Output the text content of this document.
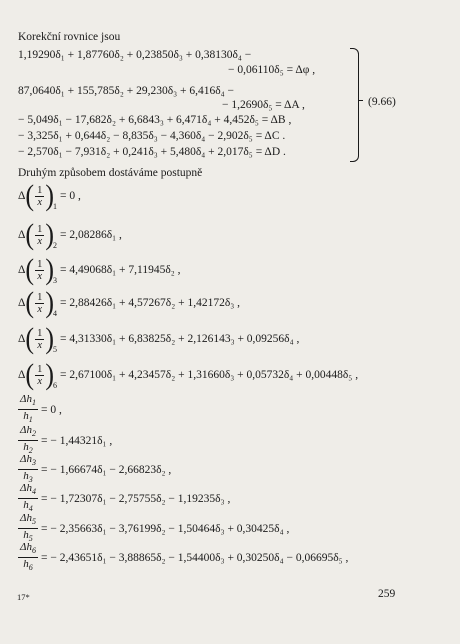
Korekční rovnice jsou
1,19290δ₁ + 1,87760δ₂ + 0,23850δ₃ + 0,38130δ₄ −
− 0,06110δ₅ = Δφ ,
87,0640δ₁ + 155,785δ₂ + 29,230δ₃ + 6,416δ₄ −
− 1,2690δ₅ = ΔA ,
− 5,049δ₁ − 17,682δ₂ + 6,6843₃ + 6,471δ₄ + 4,452δ₅ = ΔB ,
− 3,325δ₁ + 0,644δ₂ − 8,835δ₃ − 4,360δ₄ − 2,902δ₅ = ΔC .
− 2,570δ₁ − 7,931δ₂ + 0,241δ₃ + 5,480δ₄ + 2,017δ₅ = ΔD .
(9.66)
Druhým způsobem dostáváme postupně
Δ ( $\frac{1}{x}$ ) 1
= 0 ,
Δ ( $\frac{1}{x}$ ) 2
= 2,08286δ₁ ,
Δ ( $\frac{1}{x}$ ) 3
= 4,49068δ₁ + 7,11945δ₂ ,
Δ ( $\frac{1}{x}$ ) 4
= 2,88426δ₁ + 4,57267δ₂ + 1,42172δ₃ ,
Δ ( $\frac{1}{x}$ ) 5
= 4,31330δ₁ + 6,83825δ₂ + 2,126143₃ + 0,09256δ₄ ,
Δ ( $\frac{1}{x}$ ) 6
= 2,67100δ₁ + 4,23457δ₂ + 1,31660δ₃ + 0,05732δ₄ + 0,00448δ₅ ,
$\frac{\Delta h_1}{h_1} = 0$ ,
$\frac{\Delta h_2}{h_2}$ = − 1,44321δ₁ ,
$\frac{\Delta h_3}{h_3}$ = − 1,66674δ₁ − 2,66823δ₂ ,
$\frac{\Delta h_4}{h_4}$ = − 1,72307δ₁ − 2,75755δ₂ − 1,19235δ₃ ,
$\frac{\Delta h_5}{h_5}$ = − 2,35663δ₁ − 3,76199δ₂ − 1,50464δ₃ + 0,30425δ₄ ,
$\frac{\Delta h_6}{h_6}$ = − 2,43651δ₁ − 3,88865δ₂ − 1,54400δ₃ + 0,30250δ₄ − 0,06695δ₅ ,
17*	259
